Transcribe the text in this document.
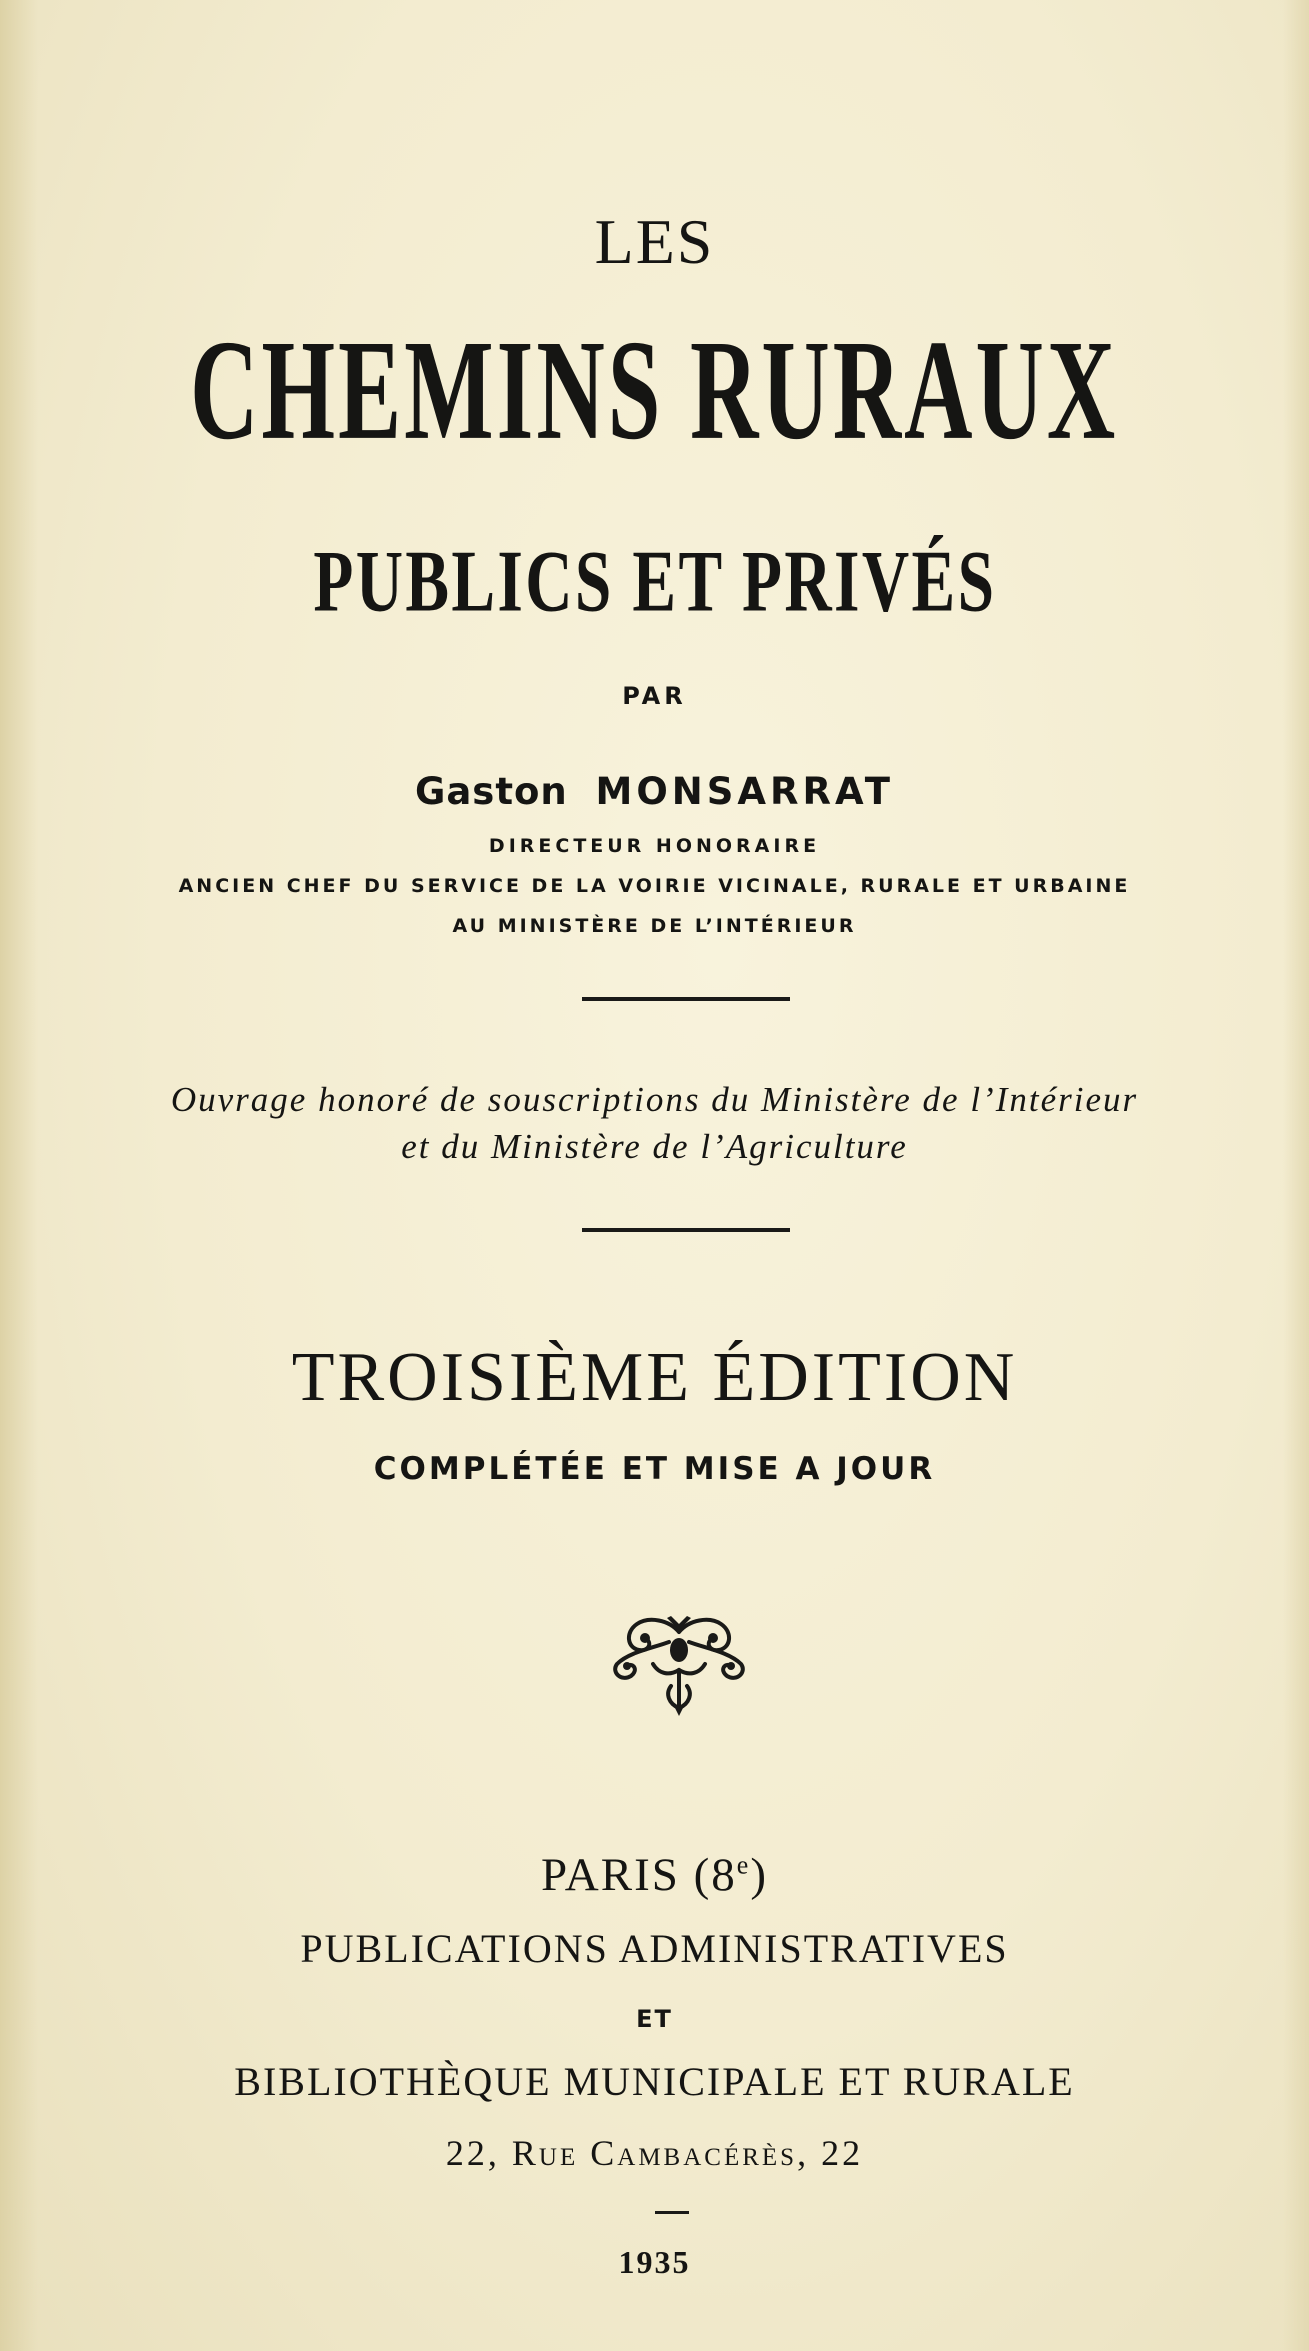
LES
CHEMINS RURAUX
PUBLICS ET PRIVÉS
PAR
Gaston MONSARRAT
DIRECTEUR HONORAIRE
ANCIEN CHEF DU SERVICE DE LA VOIRIE VICINALE, RURALE ET URBAINE
AU MINISTÈRE DE L’INTÉRIEUR
Ouvrage honoré de souscriptions du Ministère de l’Intérieur
et du Ministère de l’Agriculture
TROISIÈME ÉDITION
COMPLÉTÉE ET MISE A JOUR
PARIS (8e)
PUBLICATIONS ADMINISTRATIVES
ET
BIBLIOTHÈQUE MUNICIPALE ET RURALE
22, Rue Cambacérès, 22
1935
